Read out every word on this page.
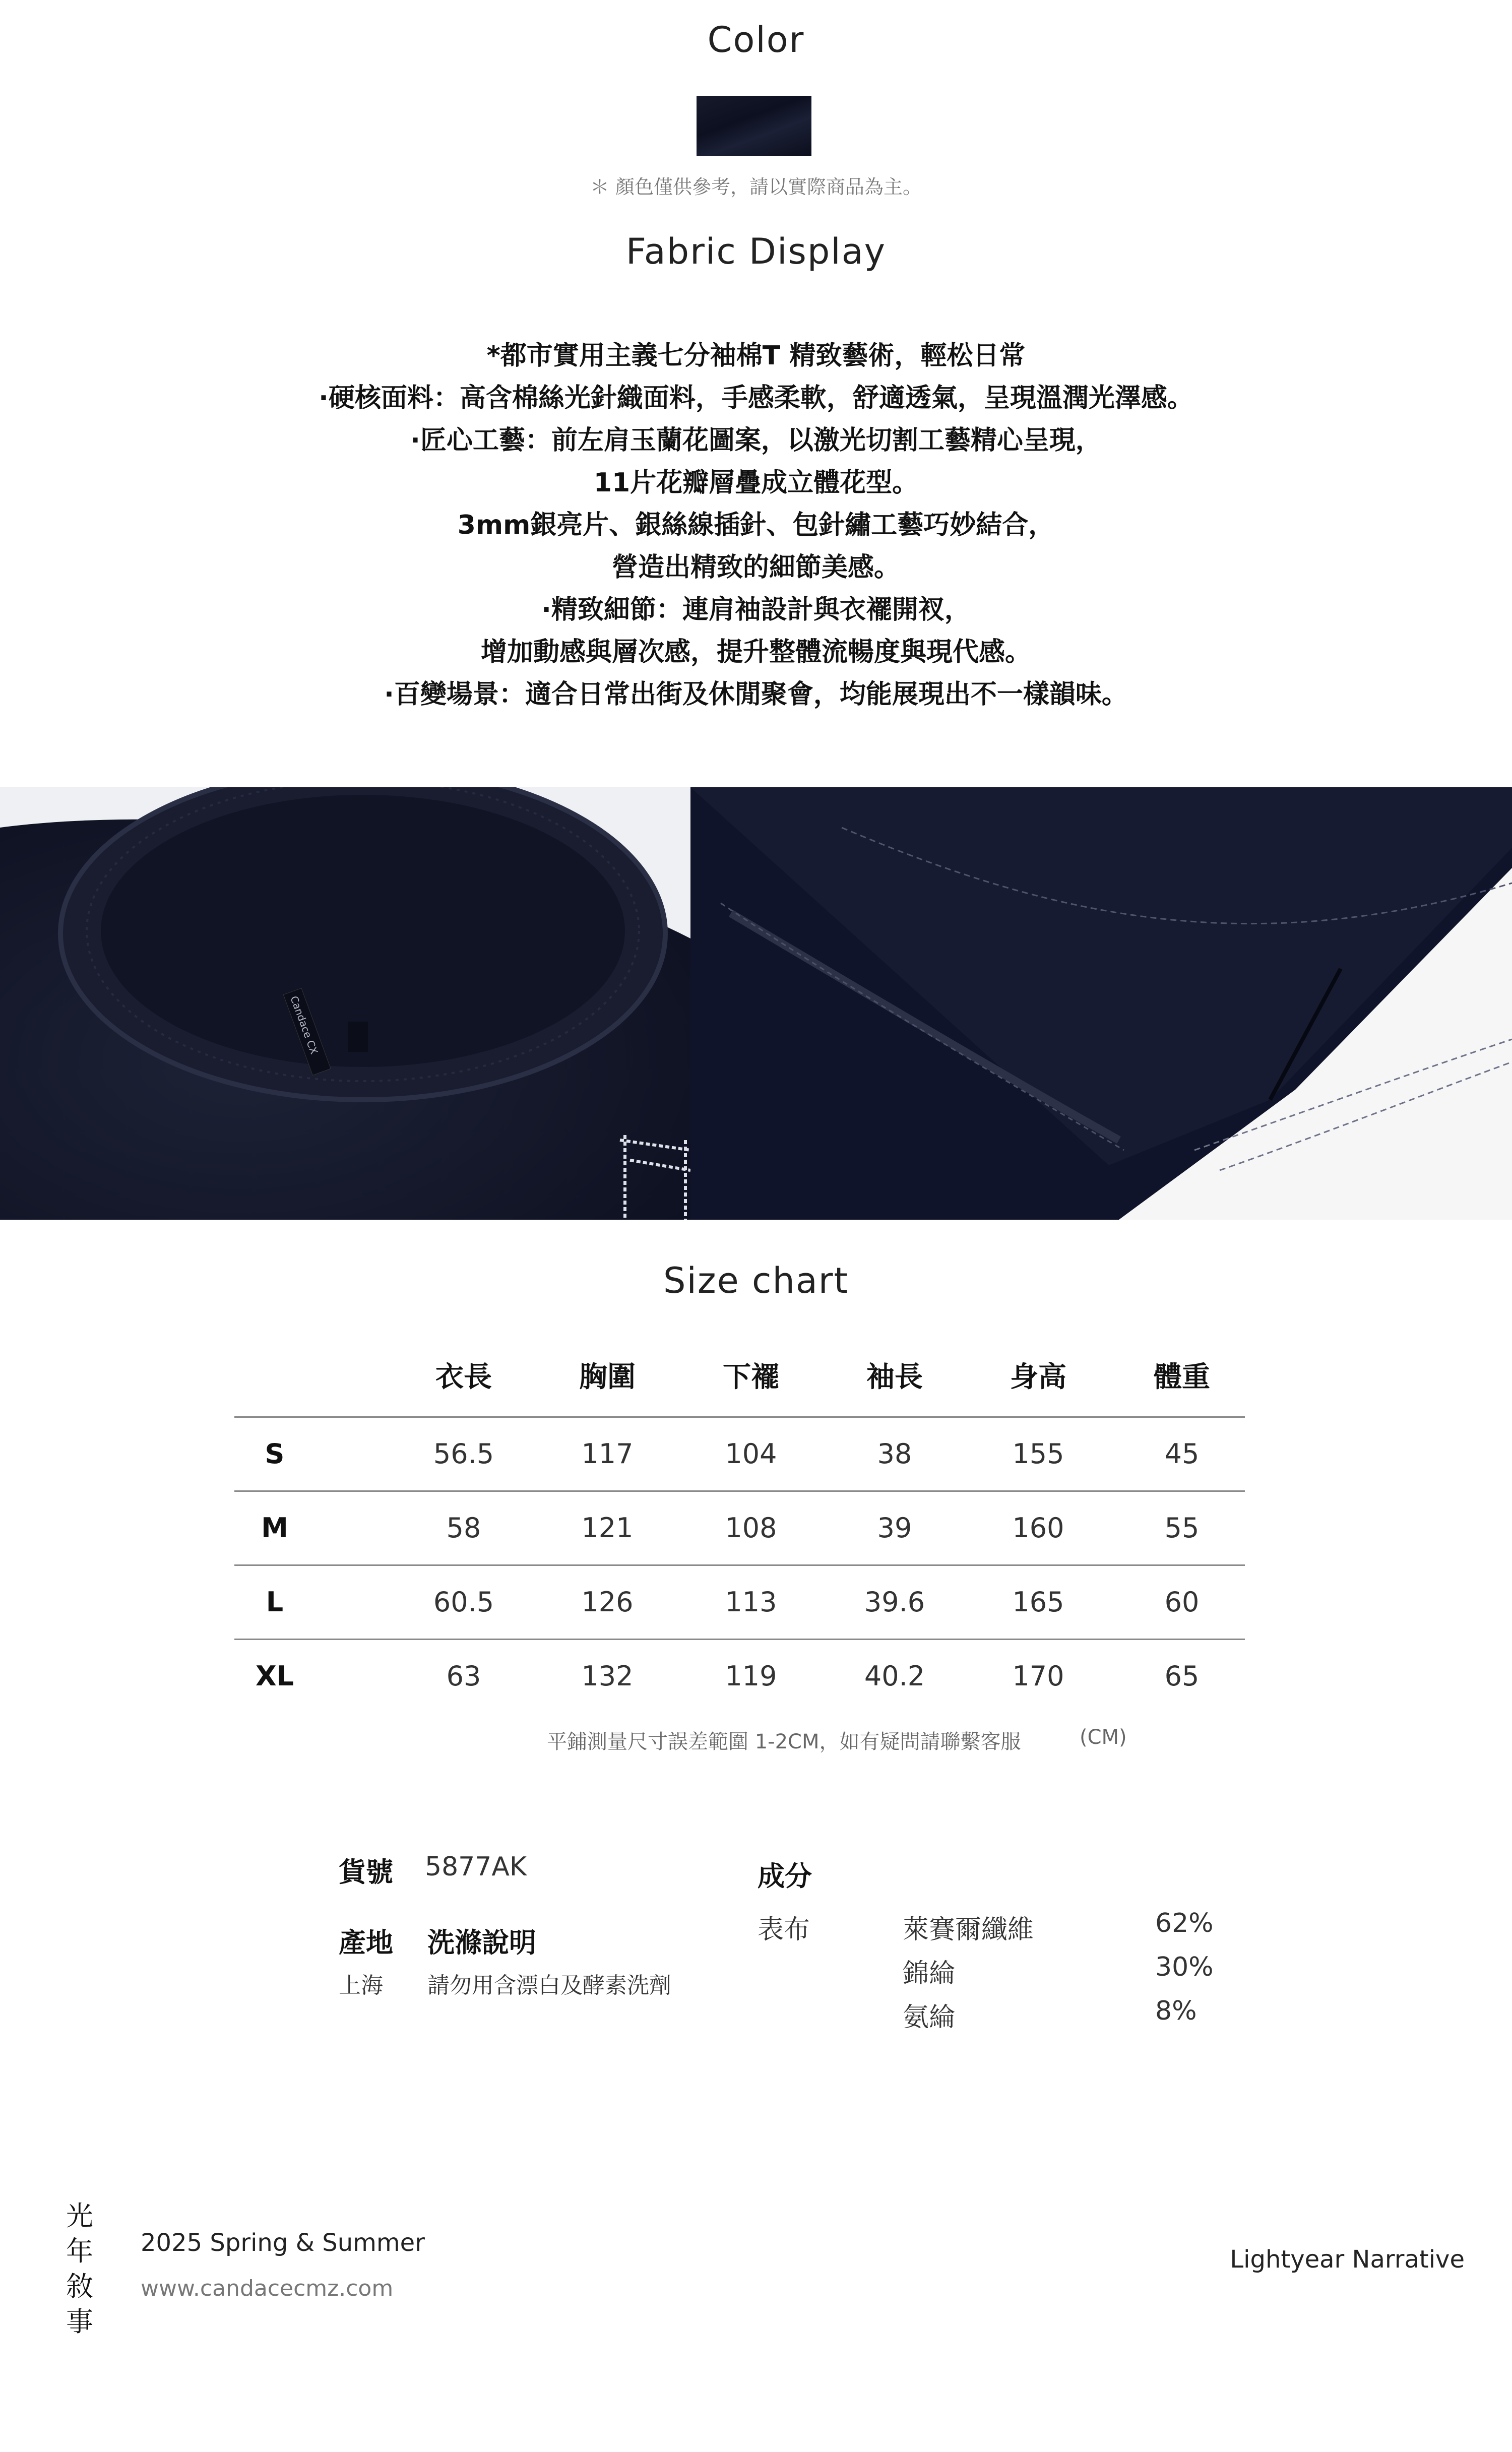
Color
＊ 顏色僅供參考，請以實際商品為主。
Fabric Display

*都市實用主義七分袖棉T 精致藝術，輕松日常

·硬核面料：高含棉絲光針織面料，手感柔軟，舒適透氣，呈現溫潤光澤感。

·匠心工藝：前左肩玉蘭花圖案，以激光切割工藝精心呈現，

11片花瓣層疊成立體花型。

3mm銀亮片、銀絲線插針、包針繡工藝巧妙結合，

營造出精致的細節美感。

·精致細節：連肩袖設計與衣襬開衩，

增加動感與層次感，提升整體流暢度與現代感。

·百變場景：適合日常出街及休閒聚會，均能展現出不一樣韻味。

Candace CX
Size chart
衣長	胸圍	下襬	袖長	身高	體重
S	56.5	117	104	38	155	45
M	58	121	108	39	160	55
L	60.5	126	113	39.6	165	60
XL	63	132	119	40.2	170	65
平鋪測量尺寸誤差範圍 1-2CM，如有疑問請聯繫客服	(CM)
貨號 5877AK
產地 洗滌說明
上海 請勿用含漂白及酵素洗劑
成分
表布	萊賽爾纖維	62%
錦綸	30%
氨綸	8%
光
年
敘
事
2025 Spring & Summer
www.candacecmz.com
Lightyear Narrative
